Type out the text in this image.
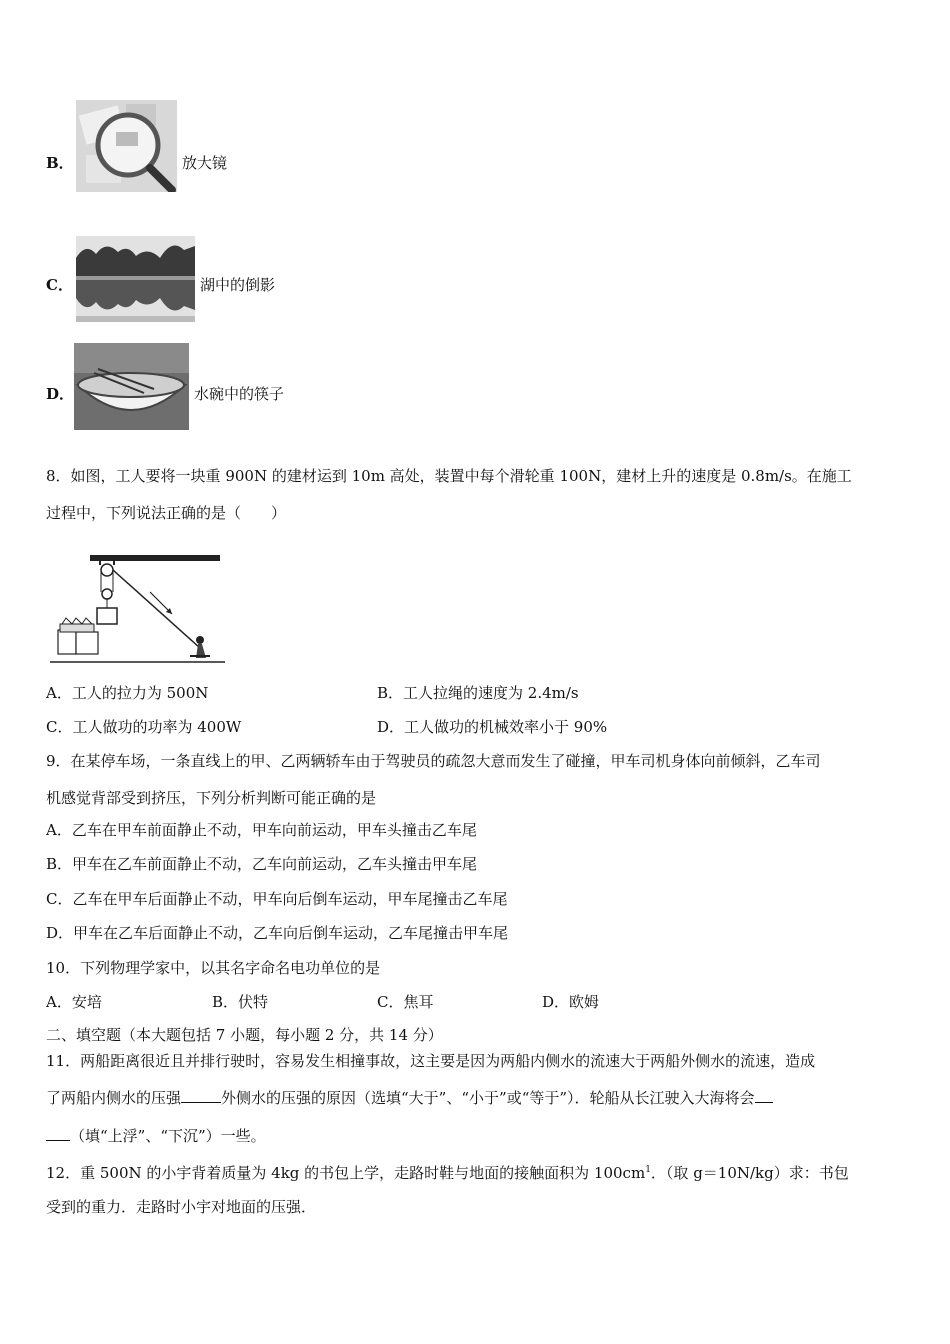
B．	放大镜
C．	湖中的倒影
D．	水碗中的筷子
8．如图，工人要将一块重 900N 的建材运到 10m 高处，装置中每个滑轮重 100N，建材上升的速度是 0.8m/s。在施工
过程中，下列说法正确的是（　　）
A．工人的拉力为 500N	B．工人拉绳的速度为 2.4m/s
C．工人做功的功率为 400W	D．工人做功的机械效率小于 90%
9．在某停车场，一条直线上的甲、乙两辆轿车由于驾驶员的疏忽大意而发生了碰撞，甲车司机身体向前倾斜，乙车司
机感觉背部受到挤压，下列分析判断可能正确的是
A．乙车在甲车前面静止不动，甲车向前运动，甲车头撞击乙车尾
B．甲车在乙车前面静止不动，乙车向前运动，乙车头撞击甲车尾
C．乙车在甲车后面静止不动，甲车向后倒车运动，甲车尾撞击乙车尾
D．甲车在乙车后面静止不动，乙车向后倒车运动，乙车尾撞击甲车尾
10．下列物理学家中，以其名字命名电功单位的是
A．安培	B．伏特	C．焦耳	D．欧姆
二、填空题（本大题包括 7 小题，每小题 2 分，共 14 分）
11．两船距离很近且并排行驶时，容易发生相撞事故，这主要是因为两船内侧水的流速大于两船外侧水的流速，造成
了两船内侧水的压强	外侧水的压强的原因（选填“大于”、“小于”或“等于”）．轮船从长江驶入大海将会
（填“上浮”、“下沉”）一些。
12．重 500N 的小宇背着质量为 4kg 的书包上学，走路时鞋与地面的接触面积为 $100cm^1$．（取 g＝10N/kg）求：书包
受到的重力．走路时小宇对地面的压强．
